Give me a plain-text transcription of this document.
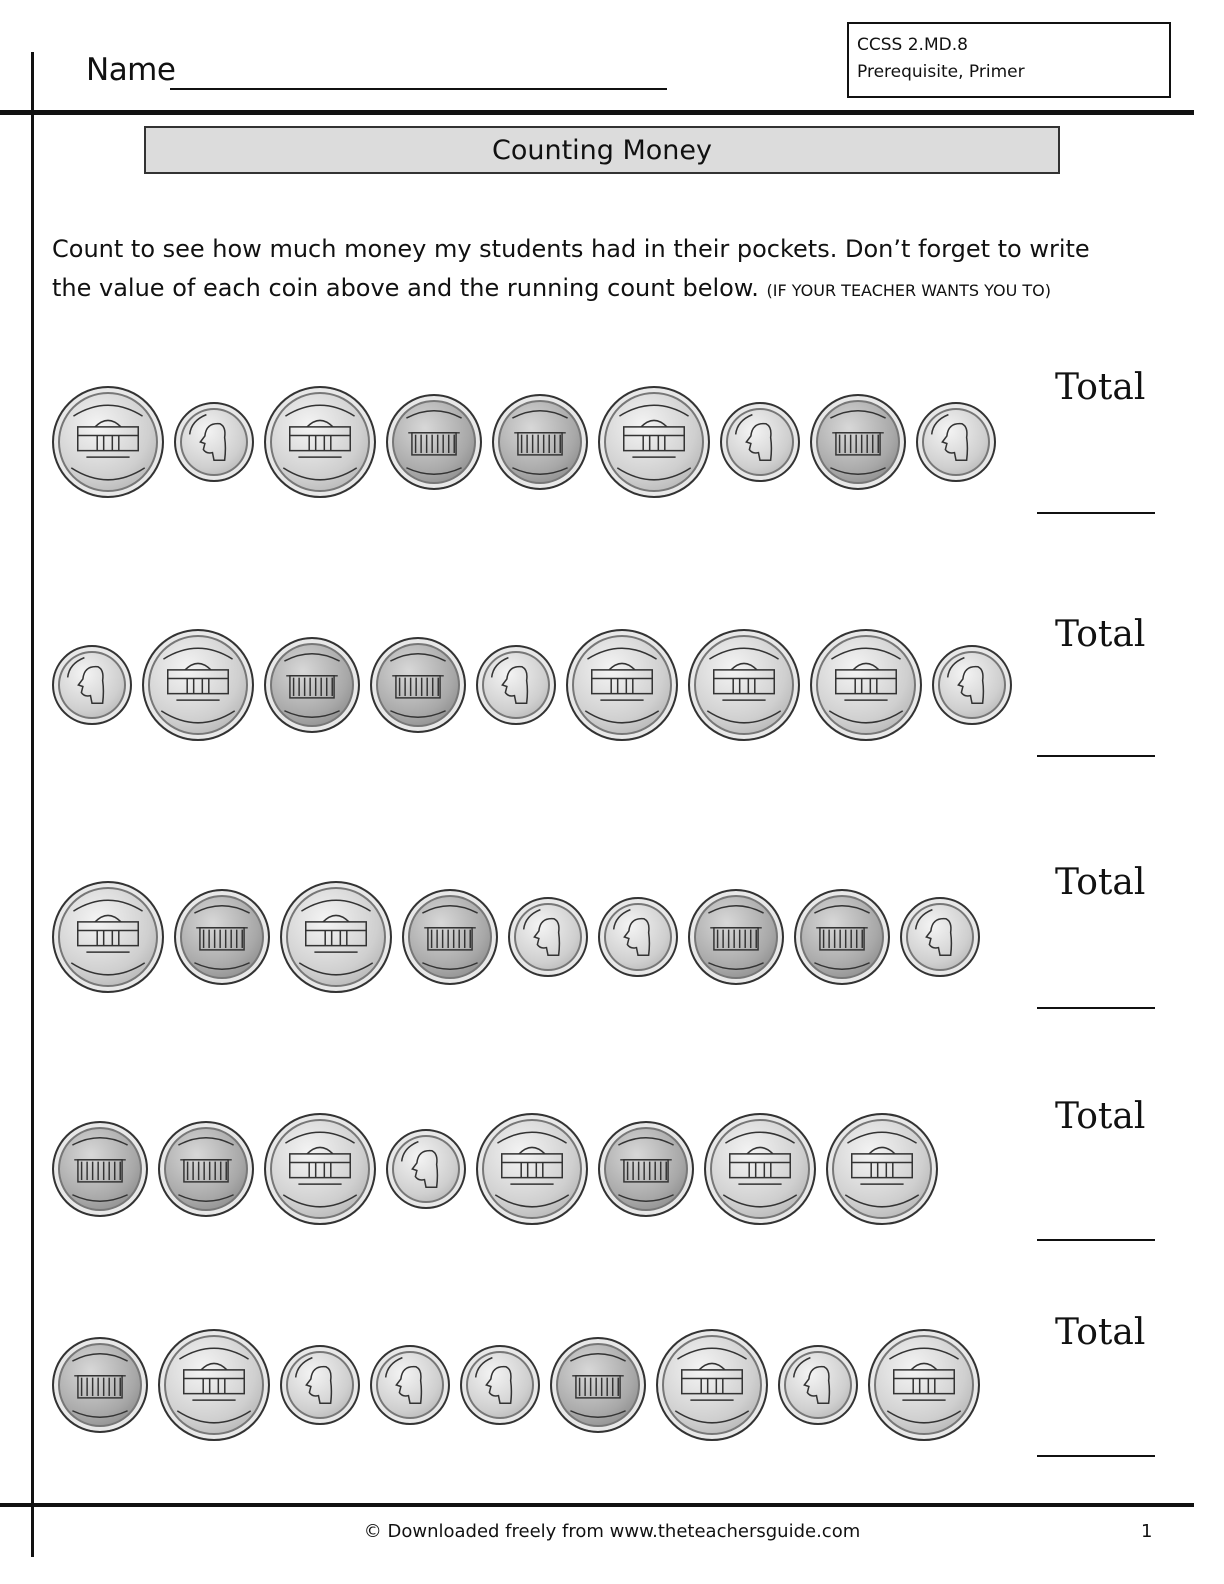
Name
CCSS 2.MD.8
Prerequisite, Primer
Counting Money
Count to see how much money my students had in their pockets. Don’t forget to write the value of each coin above and the running count below. (IF YOUR TEACHER WANTS YOU TO)
Total
Total
Total
Total
Total
© Downloaded freely from www.theteachersguide.com	1
